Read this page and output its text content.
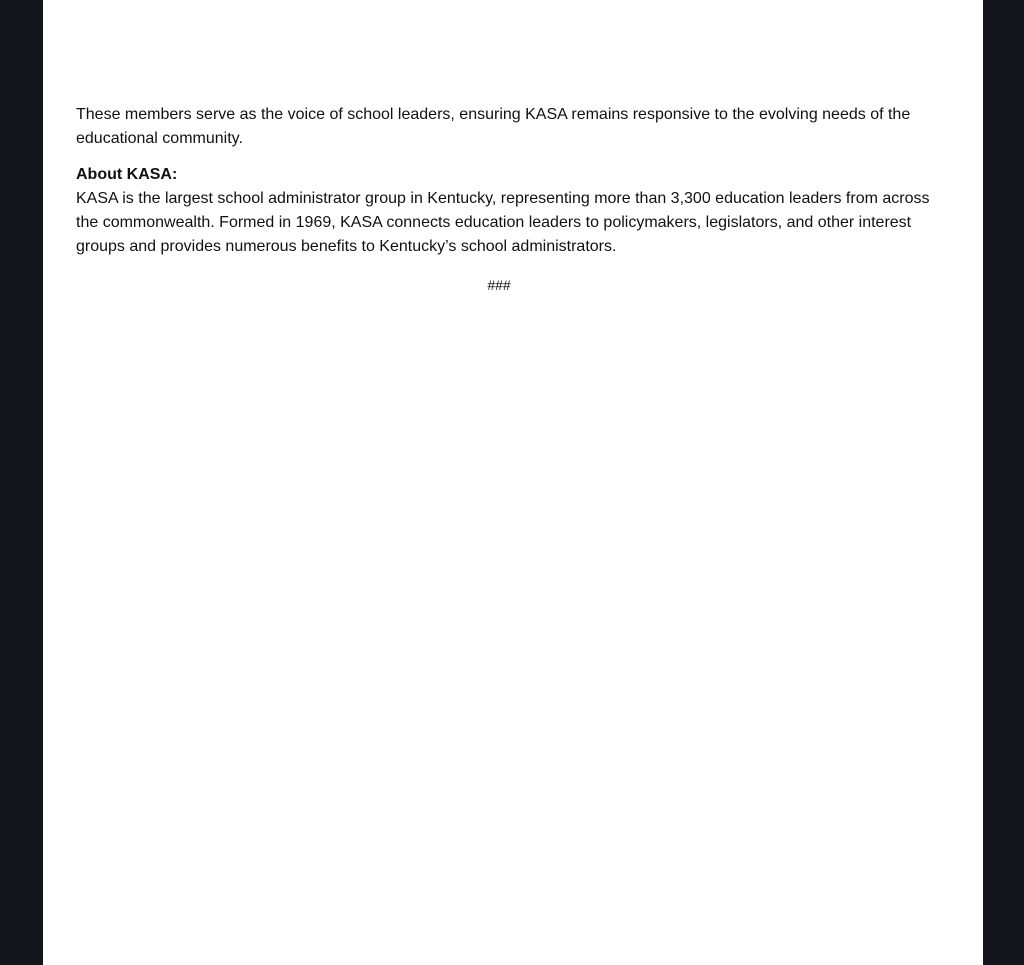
These members serve as the voice of school leaders, ensuring KASA remains responsive to the evolving needs of the educational community.

About KASA:

KASA is the largest school administrator group in Kentucky, representing more than 3,300 education leaders from across the commonwealth. Formed in 1969, KASA connects education leaders to policymakers, legislators, and other interest groups and provides numerous benefits to Kentucky’s school administrators.

###
